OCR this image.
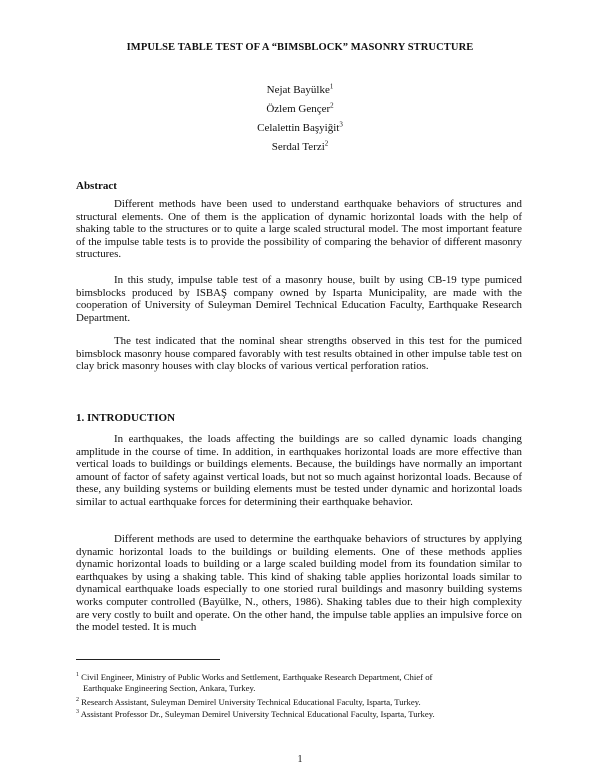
IMPULSE TABLE TEST OF A “BIMSBLOCK” MASONRY STRUCTURE
Nejat Bayülke$^1$
Özlem Gençer$^2$
Celalettin Başyiğit$^3$
Serdal Terzi$^2$
Abstract

Different methods have been used to understand earthquake behaviors of structures and structural elements. One of them is the application of dynamic horizontal loads with the help of shaking table to the structures or to quite a large scaled structural model. The most important feature of the impulse table tests is to provide the possibility of comparing the behavior of different masonry structures.

In this study, impulse table test of a masonry house, built by using CB-19 type pumiced bimsblocks produced by ISBAŞ company owned by Isparta Municipality, are made with the cooperation of University of Suleyman Demirel Technical Education Faculty, Earthquake Research Department.

The test indicated that the nominal shear strengths observed in this test for the pumiced bimsblock masonry house compared favorably with test results obtained in other impulse table test on clay brick masonry houses with clay blocks of various vertical perforation ratios.

1. INTRODUCTION

In earthquakes, the loads affecting the buildings are so called dynamic loads changing amplitude in the course of time. In addition, in earthquakes horizontal loads are more effective than vertical loads to buildings or buildings elements. Because, the buildings have normally an important amount of factor of safety against vertical loads, but not so much against horizontal loads. Because of these, any building systems or building elements must be tested under dynamic and horizontal loads similar to actual earthquake forces for determining their earthquake behavior.

Different methods are used to determine the earthquake behaviors of structures by applying dynamic horizontal loads to the buildings or building elements. One of these methods applies dynamic horizontal loads to building or a large scaled building model from its foundation similar to earthquakes by using a shaking table. This kind of shaking table applies horizontal loads similar to dynamical earthquake loads especially to one storied rural buildings and masonry building systems works computer controlled (Bayülke, N., others, 1986). Shaking tables due to their high complexity are very costly to built and operate. On the other hand, the impulse table applies an impulsive force on the model tested. It is much

$^1$ Civil Engineer, Ministry of Public Works and Settlement, Earthquake Research Department, Chief of
Earthquake Engineering Section, Ankara, Turkey.
$^2$ Research Assistant, Suleyman Demirel University Technical Educational Faculty, Isparta, Turkey.
$^3$ Assistant Professor Dr., Suleyman Demirel University Technical Educational Faculty, Isparta, Turkey.
1
